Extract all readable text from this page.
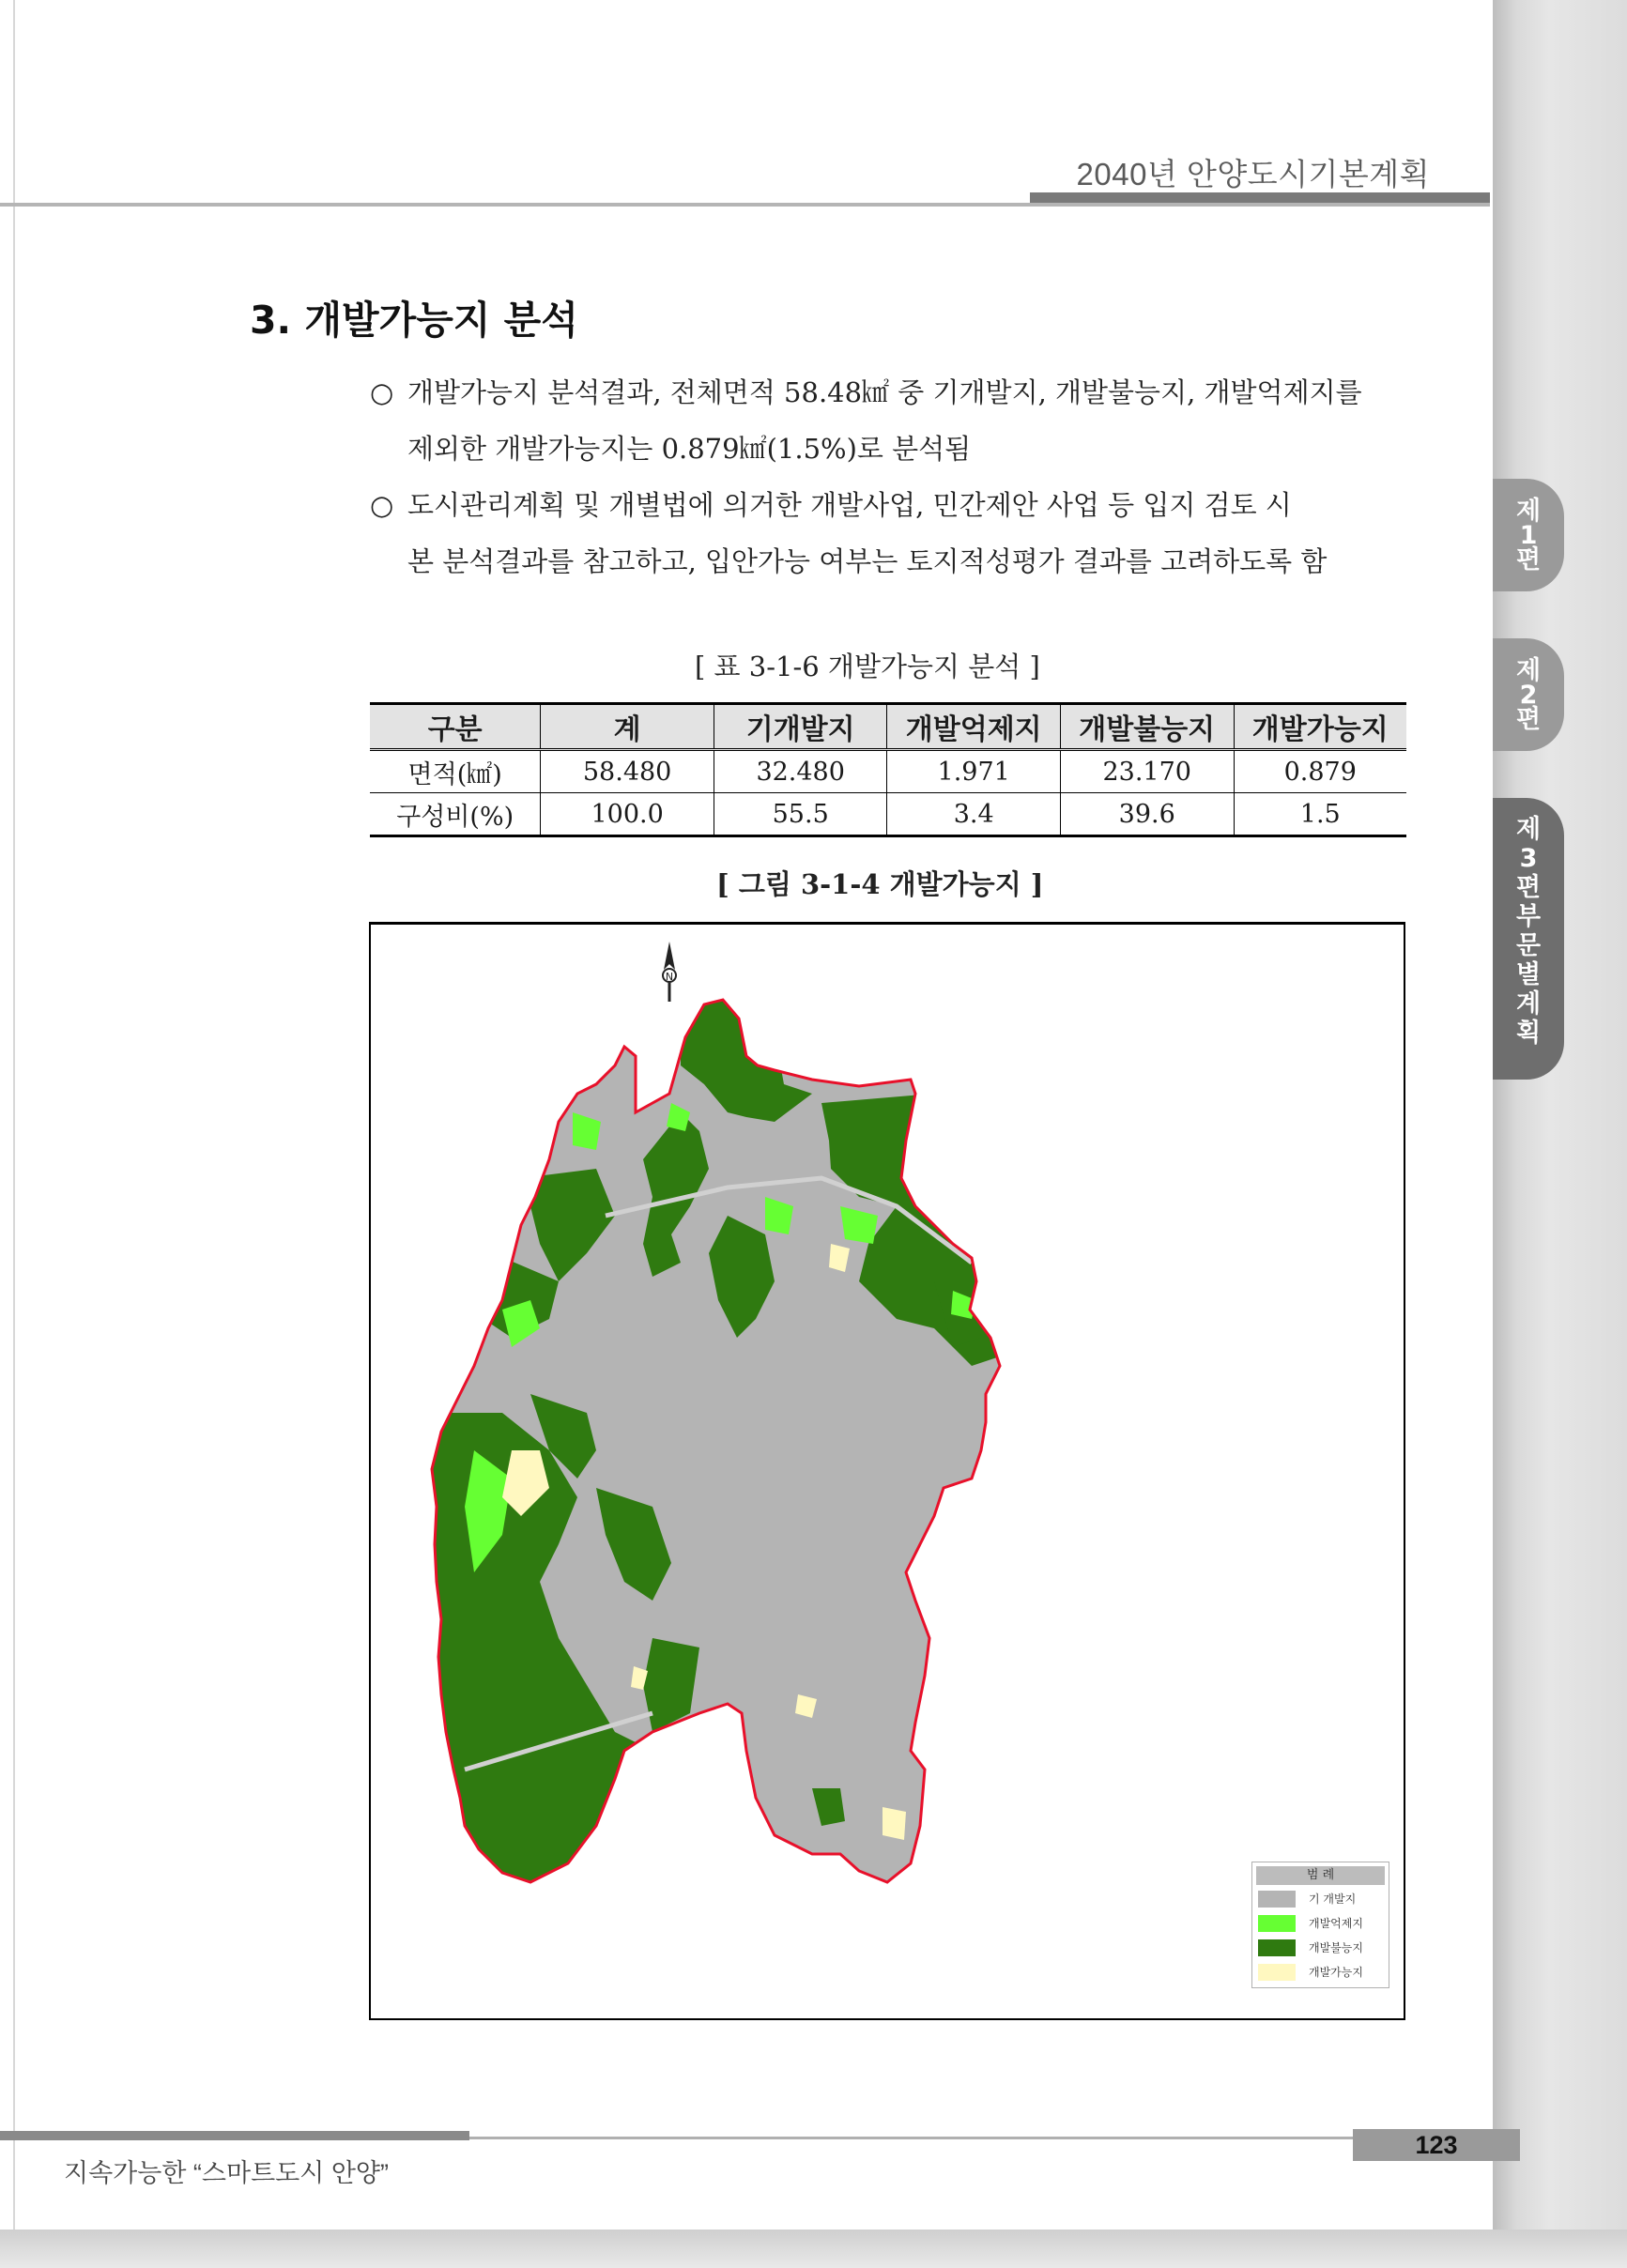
2040년 안양도시기본계획
3. 개발가능지 분석
○ 개발가능지 분석결과, 전체면적 58.48㎢ 중 기개발지, 개발불능지, 개발억제지를
제외한 개발가능지는 0.879㎢(1.5%)로 분석됨
○ 도시관리계획 및 개별법에 의거한 개발사업, 민간제안 사업 등 입지 검토 시
본 분석결과를 참고하고, 입안가능 여부는 토지적성평가 결과를 고려하도록 함
[ 표 3-1-6 개발가능지 분석 ]
구분	계	기개발지	개발억제지	개발불능지	개발가능지
면적(㎢)	58.480	32.480	1.971	23.170	0.879
구성비(%)	100.0	55.5	3.4	39.6	1.5
[ 그림 3-1-4 개발가능지 ]
N
범 례
기 개발지
개발억제지
개발불능지
개발가능지
제
1
편
제
2
편
제
3
편
부
문
별
계
획
123
지속가능한 “스마트도시 안양”
